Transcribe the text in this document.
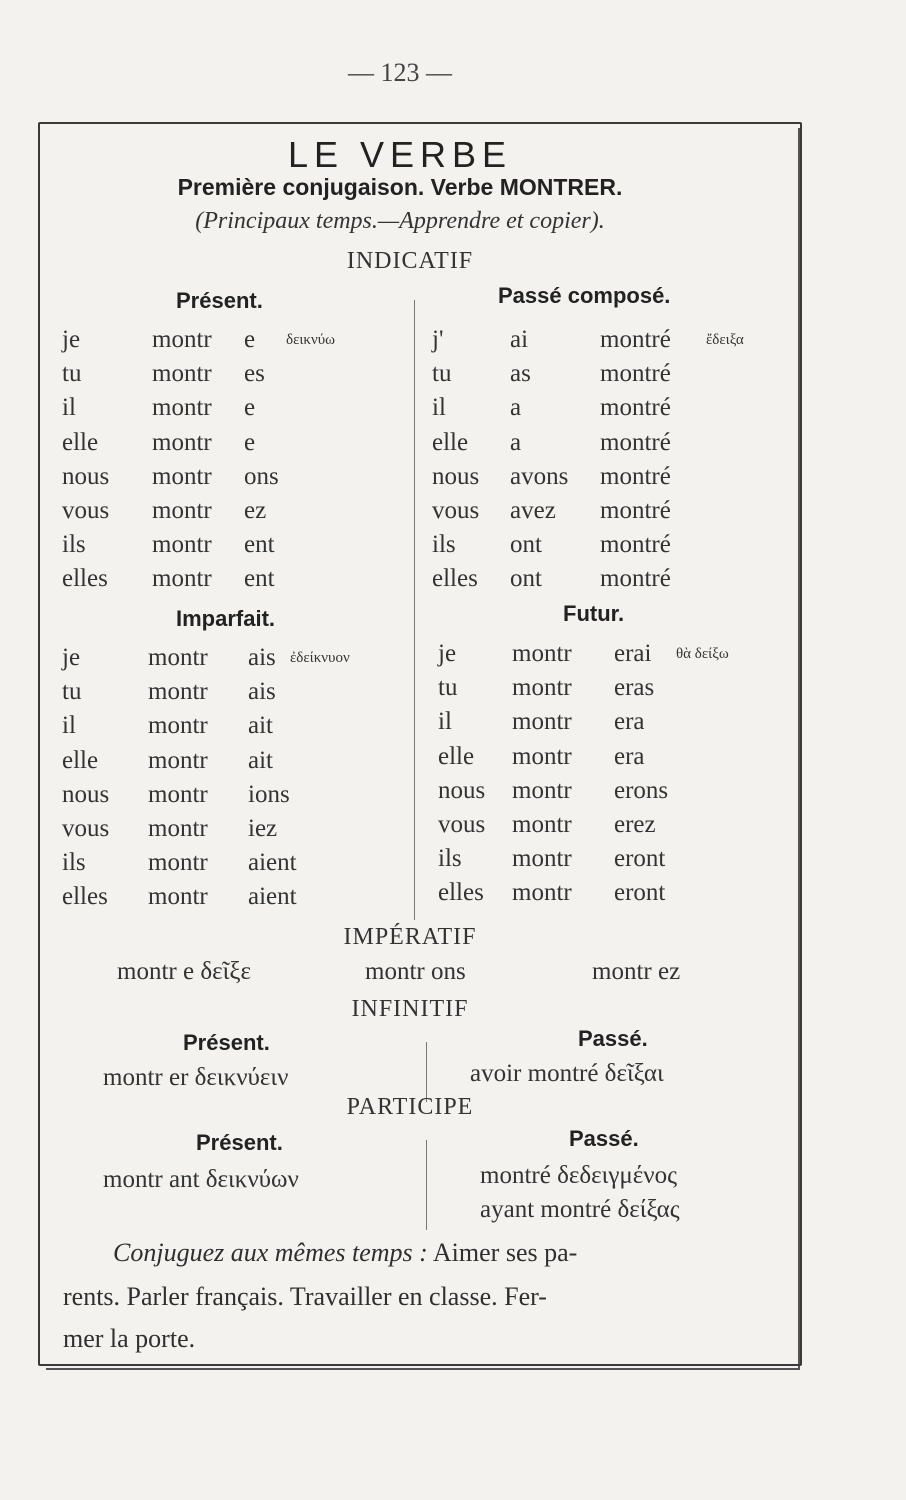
— 123 —
LE VERBE
Première conjugaison. Verbe MONTRER.
(Principaux temps.—Apprendre et copier).
INDICATIF
Présent.	Passé composé.
Imparfait.	Futur.
je	montr e δεικνύω
tu	montr es
il	montr e
elle montr e
nous montr ons
vous montr ez
ils	montr ent
elles montr ent
j'	ai	montré ἔδειξα
tu as	montré
il	a	montré
elle a	montré
nous avons montré
vous avez montré
ils ont montré
elles ont montré
je	montr ais ἐδείκνυον
tu	montr ais
il	montr ait
elle montr ait
nous montr ions
vous montr iez
ils montr aient
elles montr aient
je montr erai θὰ δείξω
tu montr eras
il montr era
elle montr era
nous montr erons
vous montr erez
ils montr eront
elles montr eront
IMPÉRATIF
montr e δεῖξε	montr ons	montr ez
INFINITIF
Présent.	Passé.
montr er δεικνύειν	avoir montré δεῖξαι
PARTICIPE
Présent.	Passé.
montr ant δεικνύων	montré δεδειγμένος
ayant montré δείξας
Conjuguez aux mêmes temps : Aimer ses pa-
rents. Parler français. Travailler en classe. Fer-
mer la porte.
